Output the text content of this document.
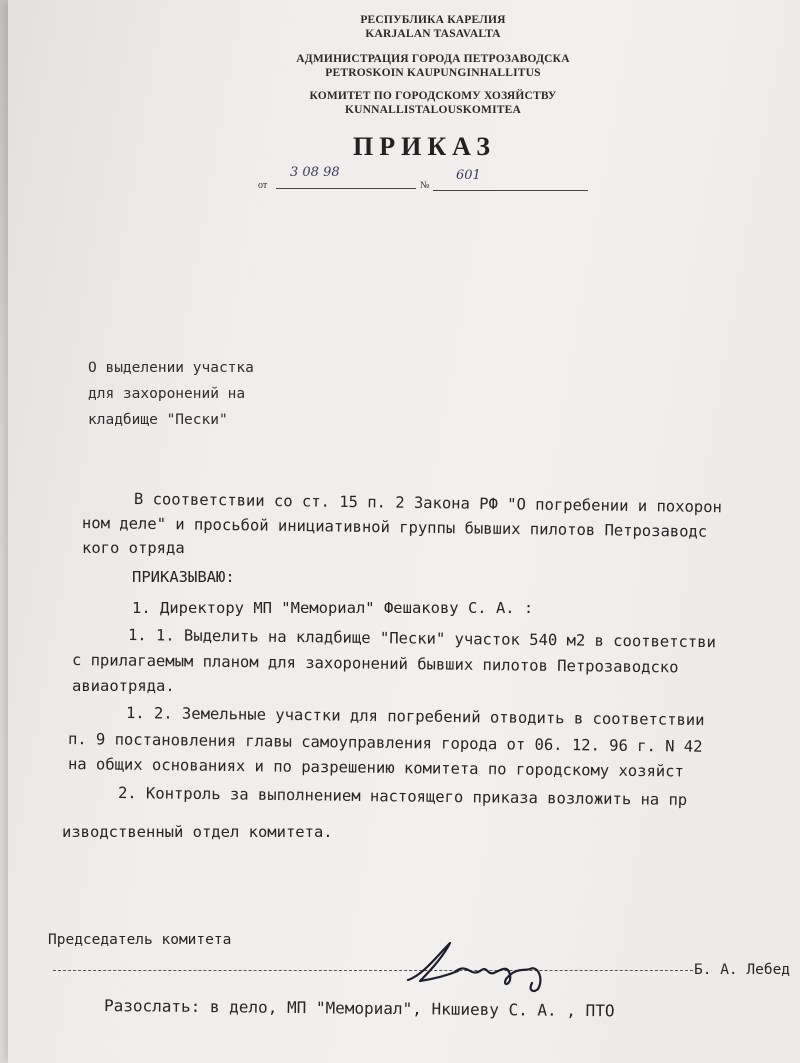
РЕСПУБЛИКА КАРЕЛИЯ
KARJALAN TASAVALTA
АДМИНИСТРАЦИЯ ГОРОДА ПЕТРОЗАВОДСКА
PETROSKOIN KAUPUNGINHALLITUS
КОМИТЕТ ПО ГОРОДСКОМУ ХОЗЯЙСТВУ
KUNNALLISTALOUSKOMITEA
ПРИКАЗ
от
3 08 98
№
601
О выделении участка
для захоронений на
кладбище "Пески"
В соответствии со ст. 15 п. 2 Закона РФ "О погребении и похорон
ном деле" и просьбой инициативной группы бывших пилотов Петрозаводс
кого отряда
ПРИКАЗЫВАЮ:
1. Директору МП "Мемориал" Фешакову С. А. :
1. 1. Выделить на кладбище "Пески" участок 540 м2 в соответстви
с прилагаемым планом для захоронений бывших пилотов Петрозаводско
авиаотряда.
1. 2. Земельные участки для погребений отводить в соответствии
п. 9 постановления главы самоуправления города от 06. 12. 96 г. N 42
на общих основаниях и по разрешению комитета по городскому хозяйст
2. Контроль за выполнением настоящего приказа возложить на пр
изводственный отдел комитета.
Председатель комитета
Б. А. Лебед
Разослать: в дело, МП "Мемориал", Нкшиеву С. А. , ПТО
